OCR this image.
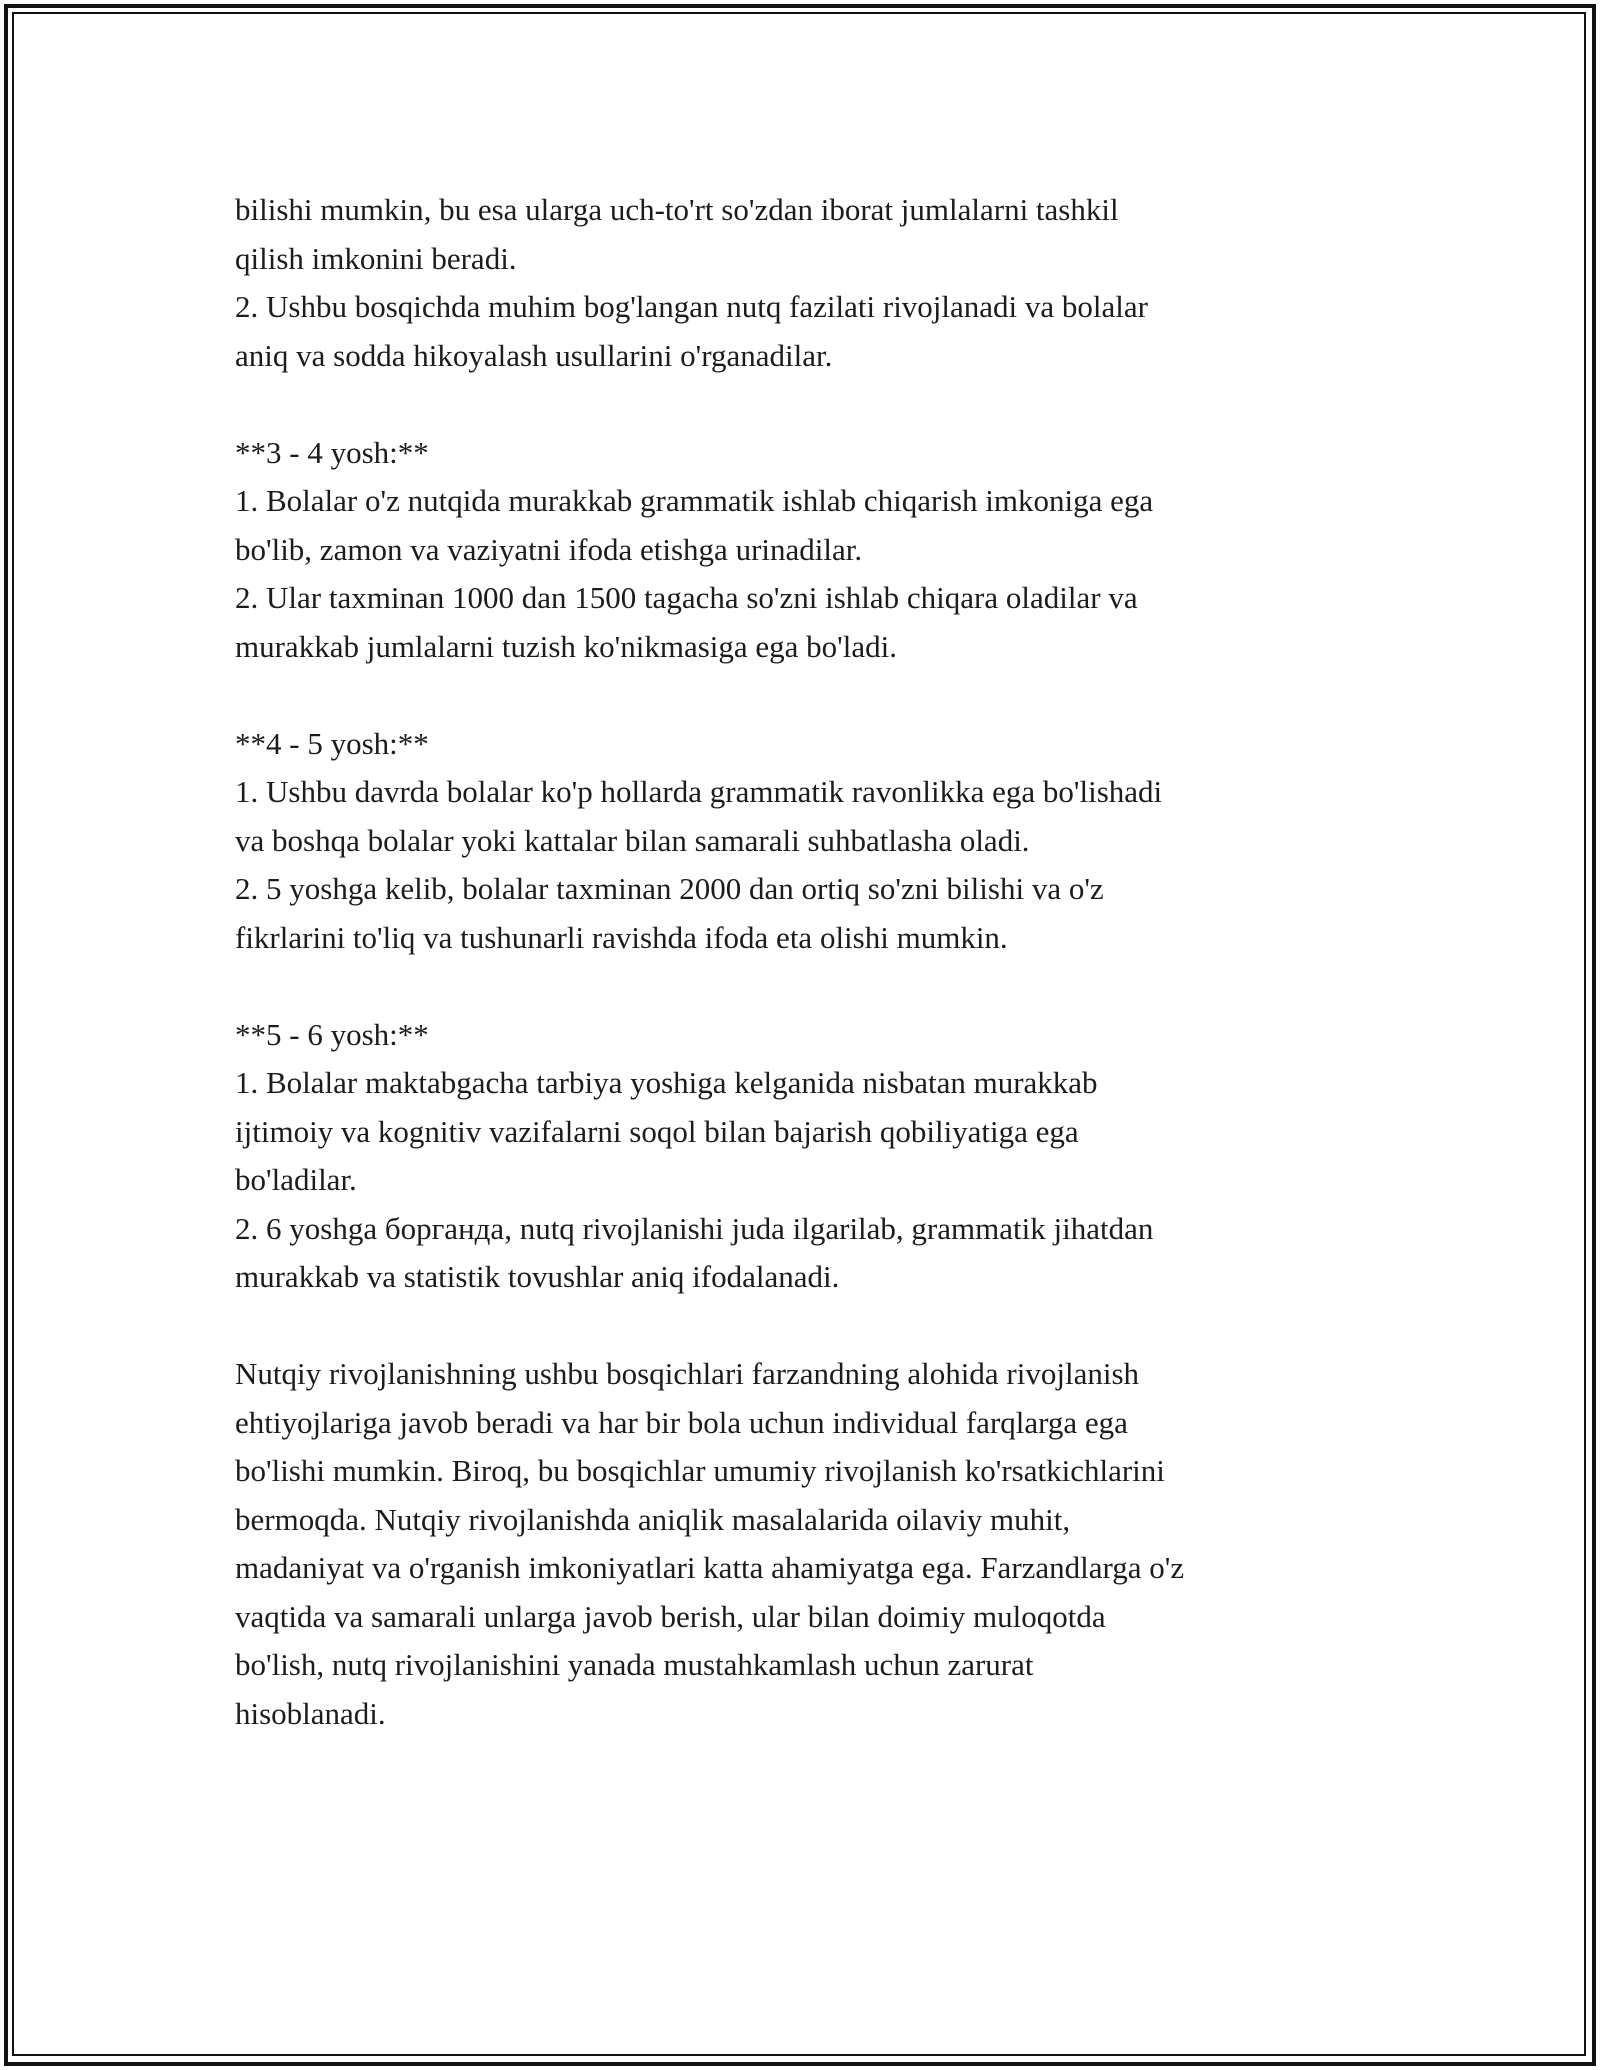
bilishi mumkin, bu esa ularga uch-to'rt so'zdan iborat jumlalarni tashkil
qilish imkonini beradi.
2. Ushbu bosqichda muhim bog'langan nutq fazilati rivojlanadi va bolalar
aniq va sodda hikoyalash usullarini o'rganadilar.
**3 - 4 yosh:**
1. Bolalar o'z nutqida murakkab grammatik ishlab chiqarish imkoniga ega
bo'lib, zamon va vaziyatni ifoda etishga urinadilar.
2. Ular taxminan 1000 dan 1500 tagacha so'zni ishlab chiqara oladilar va
murakkab jumlalarni tuzish ko'nikmasiga ega bo'ladi.
**4 - 5 yosh:**
1. Ushbu davrda bolalar ko'p hollarda grammatik ravonlikka ega bo'lishadi
va boshqa bolalar yoki kattalar bilan samarali suhbatlasha oladi.
2. 5 yoshga kelib, bolalar taxminan 2000 dan ortiq so'zni bilishi va o'z
fikrlarini to'liq va tushunarli ravishda ifoda eta olishi mumkin.
**5 - 6 yosh:**
1. Bolalar maktabgacha tarbiya yoshiga kelganida nisbatan murakkab
ijtimoiy va kognitiv vazifalarni soqol bilan bajarish qobiliyatiga ega
bo'ladilar.
2. 6 yoshga борганда, nutq rivojlanishi juda ilgarilab, grammatik jihatdan
murakkab va statistik tovushlar aniq ifodalanadi.
Nutqiy rivojlanishning ushbu bosqichlari farzandning alohida rivojlanish
ehtiyojlariga javob beradi va har bir bola uchun individual farqlarga ega
bo'lishi mumkin. Biroq, bu bosqichlar umumiy rivojlanish ko'rsatkichlarini
bermoqda. Nutqiy rivojlanishda aniqlik masalalarida oilaviy muhit,
madaniyat va o'rganish imkoniyatlari katta ahamiyatga ega. Farzandlarga o'z
vaqtida va samarali unlarga javob berish, ular bilan doimiy muloqotda
bo'lish, nutq rivojlanishini yanada mustahkamlash uchun zarurat
hisoblanadi.
